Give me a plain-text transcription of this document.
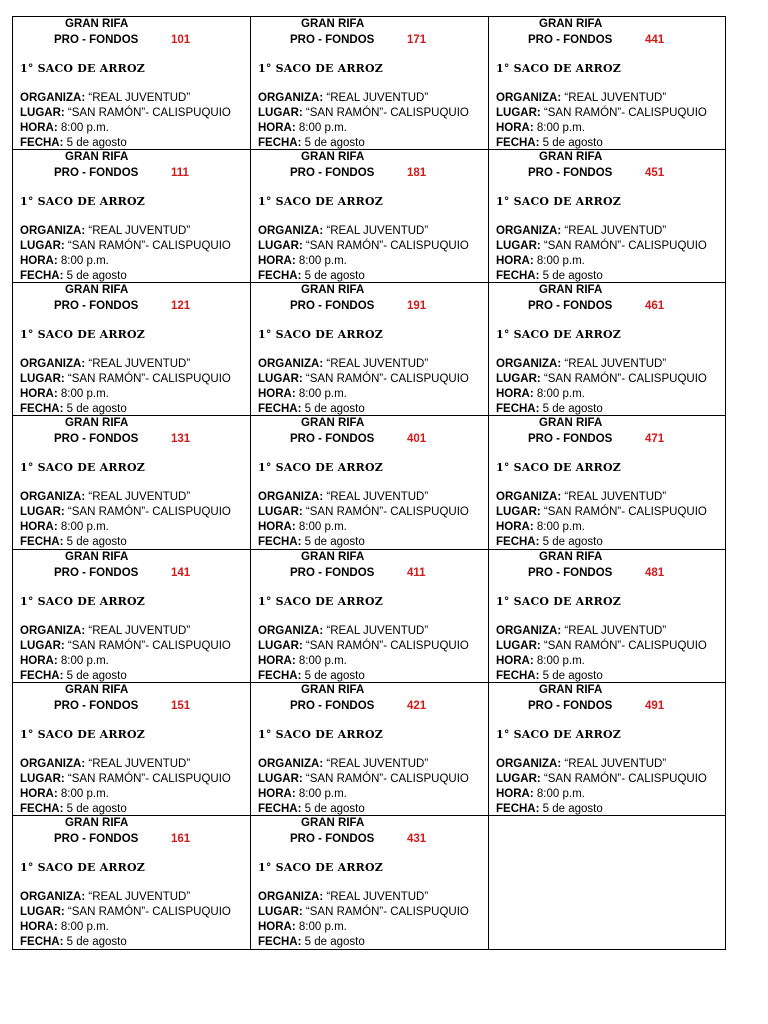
GRAN RIFA
PRO - FONDOS	101
1° SACO DE ARROZ
ORGANIZA: “REAL JUVENTUD”
LUGAR: “SAN RAMÓN”- CALISPUQUIO
HORA: 8:00 p.m.
FECHA: 5 de agosto
GRAN RIFA
PRO - FONDOS	171
1° SACO DE ARROZ
ORGANIZA: “REAL JUVENTUD”
LUGAR: “SAN RAMÓN”- CALISPUQUIO
HORA: 8:00 p.m.
FECHA: 5 de agosto
GRAN RIFA
PRO - FONDOS	441
1° SACO DE ARROZ
ORGANIZA: “REAL JUVENTUD”
LUGAR: “SAN RAMÓN”- CALISPUQUIO
HORA: 8:00 p.m.
FECHA: 5 de agosto
GRAN RIFA
PRO - FONDOS	111
1° SACO DE ARROZ
ORGANIZA: “REAL JUVENTUD”
LUGAR: “SAN RAMÓN”- CALISPUQUIO
HORA: 8:00 p.m.
FECHA: 5 de agosto
GRAN RIFA
PRO - FONDOS	181
1° SACO DE ARROZ
ORGANIZA: “REAL JUVENTUD”
LUGAR: “SAN RAMÓN”- CALISPUQUIO
HORA: 8:00 p.m.
FECHA: 5 de agosto
GRAN RIFA
PRO - FONDOS	451
1° SACO DE ARROZ
ORGANIZA: “REAL JUVENTUD”
LUGAR: “SAN RAMÓN”- CALISPUQUIO
HORA: 8:00 p.m.
FECHA: 5 de agosto
GRAN RIFA
PRO - FONDOS	121
1° SACO DE ARROZ
ORGANIZA: “REAL JUVENTUD”
LUGAR: “SAN RAMÓN”- CALISPUQUIO
HORA: 8:00 p.m.
FECHA: 5 de agosto
GRAN RIFA
PRO - FONDOS	191
1° SACO DE ARROZ
ORGANIZA: “REAL JUVENTUD”
LUGAR: “SAN RAMÓN”- CALISPUQUIO
HORA: 8:00 p.m.
FECHA: 5 de agosto
GRAN RIFA
PRO - FONDOS	461
1° SACO DE ARROZ
ORGANIZA: “REAL JUVENTUD”
LUGAR: “SAN RAMÓN”- CALISPUQUIO
HORA: 8:00 p.m.
FECHA: 5 de agosto
GRAN RIFA
PRO - FONDOS	131
1° SACO DE ARROZ
ORGANIZA: “REAL JUVENTUD”
LUGAR: “SAN RAMÓN”- CALISPUQUIO
HORA: 8:00 p.m.
FECHA: 5 de agosto
GRAN RIFA
PRO - FONDOS	401
1° SACO DE ARROZ
ORGANIZA: “REAL JUVENTUD”
LUGAR: “SAN RAMÓN”- CALISPUQUIO
HORA: 8:00 p.m.
FECHA: 5 de agosto
GRAN RIFA
PRO - FONDOS	471
1° SACO DE ARROZ
ORGANIZA: “REAL JUVENTUD”
LUGAR: “SAN RAMÓN”- CALISPUQUIO
HORA: 8:00 p.m.
FECHA: 5 de agosto
GRAN RIFA
PRO - FONDOS	141
1° SACO DE ARROZ
ORGANIZA: “REAL JUVENTUD”
LUGAR: “SAN RAMÓN”- CALISPUQUIO
HORA: 8:00 p.m.
FECHA: 5 de agosto
GRAN RIFA
PRO - FONDOS	411
1° SACO DE ARROZ
ORGANIZA: “REAL JUVENTUD”
LUGAR: “SAN RAMÓN”- CALISPUQUIO
HORA: 8:00 p.m.
FECHA: 5 de agosto
GRAN RIFA
PRO - FONDOS	481
1° SACO DE ARROZ
ORGANIZA: “REAL JUVENTUD”
LUGAR: “SAN RAMÓN”- CALISPUQUIO
HORA: 8:00 p.m.
FECHA: 5 de agosto
GRAN RIFA
PRO - FONDOS	151
1° SACO DE ARROZ
ORGANIZA: “REAL JUVENTUD”
LUGAR: “SAN RAMÓN”- CALISPUQUIO
HORA: 8:00 p.m.
FECHA: 5 de agosto
GRAN RIFA
PRO - FONDOS	421
1° SACO DE ARROZ
ORGANIZA: “REAL JUVENTUD”
LUGAR: “SAN RAMÓN”- CALISPUQUIO
HORA: 8:00 p.m.
FECHA: 5 de agosto
GRAN RIFA
PRO - FONDOS	491
1° SACO DE ARROZ
ORGANIZA: “REAL JUVENTUD”
LUGAR: “SAN RAMÓN”- CALISPUQUIO
HORA: 8:00 p.m.
FECHA: 5 de agosto
GRAN RIFA
PRO - FONDOS	161
1° SACO DE ARROZ
ORGANIZA: “REAL JUVENTUD”
LUGAR: “SAN RAMÓN”- CALISPUQUIO
HORA: 8:00 p.m.
FECHA: 5 de agosto
GRAN RIFA
PRO - FONDOS	431
1° SACO DE ARROZ
ORGANIZA: “REAL JUVENTUD”
LUGAR: “SAN RAMÓN”- CALISPUQUIO
HORA: 8:00 p.m.
FECHA: 5 de agosto
